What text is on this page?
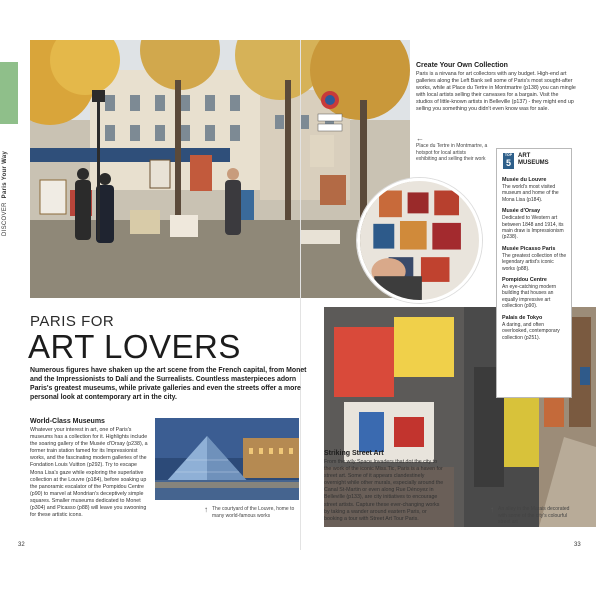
DISCOVER  Paris Your Way
Create Your Own Collection
Paris is a nirvana for art collectors with any budget. High-end art galleries along the Left Bank sell some of Paris's most sought-after works, while at Place du Tertre in Montmartre (p138) you can mingle with local artists selling their canvases for a bargain. Visit the studios of little-known artists in Belleville (p137) - they might end up selling you something you didn't even know was for sale.
←
Place du Tertre in Montmartre, a hotspot for local artists exhibiting and selling their work
TOP
5
ART
MUSEUMS
Musée du Louvre
The world's most visited museum and home of the Mona Lisa (p184).
Musée d'Orsay
Dedicated to Western art between 1848 and 1914, its main draw is Impressionism (p238).
Musée Picasso Paris
The greatest collection of the legendary artist's iconic works (p88).
Pompidou Centre
An eye-catching modern building that houses an equally impressive art collection (p90).
Palais de Tokyo
A daring, and often overlooked, contemporary collection (p251).
PARIS FOR
ART LOVERS
Numerous figures have shaken up the art scene from the French capital, from Monet and the Impressionists to Dalí and the Surrealists. Countless masterpieces adorn Paris's greatest museums, while private galleries and even the streets offer a more personal look at contemporary art in the city.
World-Class Museums
Whatever your interest in art, one of Paris's museums has a collection for it. Highlights include the soaring gallery of the Musée d'Orsay (p238), a former train station famed for its Impressionist works, and the fascinating modern galleries of the Fondation Louis Vuitton (p292). Try to escape Mona Lisa's gaze while exploring the superlative collection at the Louvre (p184), before soaking up the panoramic escalator of the Pompidou Centre (p90) to marvel at Mondrian's deceptively simple squares. Smaller museums dedicated to Monet (p304) and Picasso (p88) will leave you swooning for these artistic icons.
↑ The courtyard of the Louvre, home to many world-famous works
Striking Street Art
From the wily Space Invaders that dot the city to the work of the iconic Miss.Tic, Paris is a haven for street art. Some of it appears clandestinely overnight while other murals, especially around the Canal St-Martin or even along Rue Dénoyez in Belleville (p133), are city initiatives to encourage street artists. Capture these ever-changing works by taking a wander around eastern Paris, or booking a tour with Street Art Tour Paris.
↑ An alley in the Marais decorated with some of the city's colourful street art
32	33
